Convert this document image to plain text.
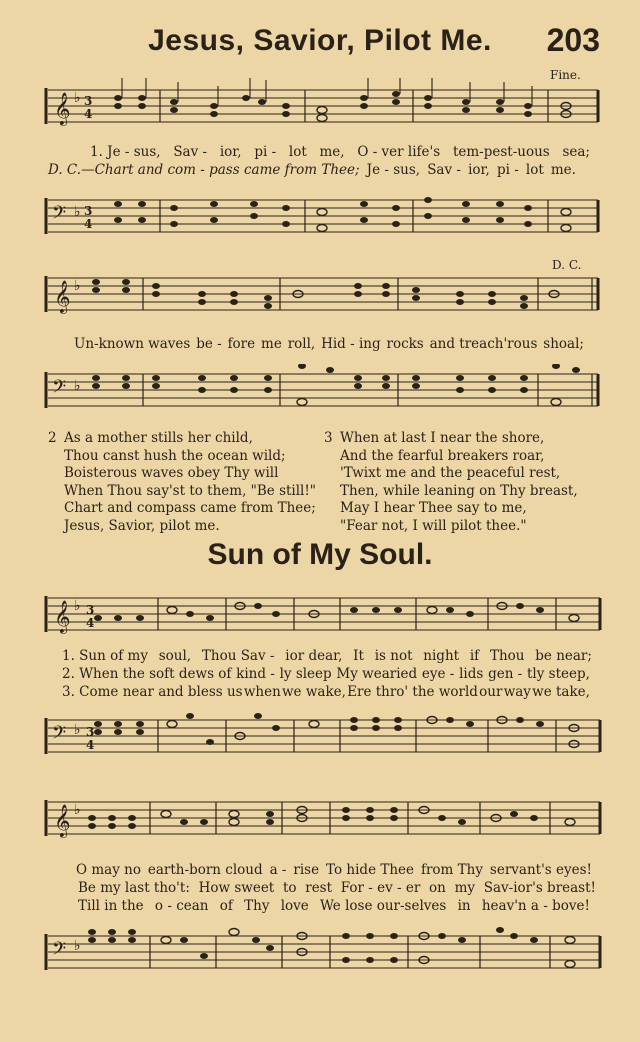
Jesus, Savior, Pilot Me.	203
𝄞 ♭ 3
4
Fine.
1. Je - sus, Sav - ior, pi - lot me, O - ver life's tem-pest-uous sea;
D. C.—Chart and com - pass came from Thee; Je - sus, Sav - ior, pi - lot me.
𝄢 ♭ 3
4
𝄞 ♭
D. C.
Un-known waves be - fore me roll, Hid - ing rocks and treach'rous shoal;
𝄢 ♭
2 As a mother stills her child,
Thou canst hush the ocean wild;
Boisterous waves obey Thy will
When Thou say'st to them, "Be still!"
Chart and compass came from Thee;
Jesus, Savior, pilot me.
3 When at last I near the shore,
And the fearful breakers roar,
'Twixt me and the peaceful rest,
Then, while leaning on Thy breast,
May I hear Thee say to me,
"Fear not, I will pilot thee."
Sun of My Soul.
𝄞 ♭ 3
4
1. Sun of my soul, Thou Sav - ior dear, It is not night if Thou be near;
2. When the soft dews of kind - ly sleep My wearied eye - lids gen - tly steep,
3. Come near and bless us when we wake, Ere thro' the world our way we take,
𝄢 ♭ 3
4
𝄞 ♭
O may no earth-born cloud a - rise To hide Thee from Thy servant's eyes!
Be my last tho't: How sweet to rest For - ev - er on my Sav-ior's breast!
Till in the o - cean of Thy love We lose our-selves in heav'n a - bove!
𝄢 ♭
